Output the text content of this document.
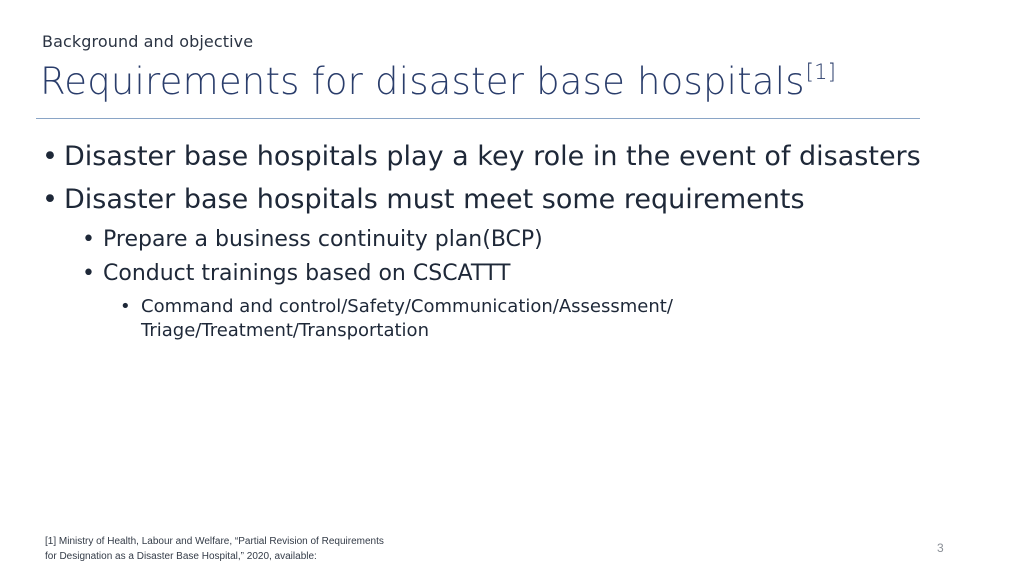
Background and objective
Requirements for disaster base hospitals[1]
• Disaster base hospitals play a key role in the event of disasters
• Disaster base hospitals must meet some requirements
• Prepare a business continuity plan(BCP)
• Conduct trainings based on CSCATTT
• Command and control/Safety/Communication/Assessment/
Triage/Treatment/Transportation
[1] Ministry of Health, Labour and Welfare, “Partial Revision of Requirements
for Designation as a Disaster Base Hospital,” 2020, available:
3
